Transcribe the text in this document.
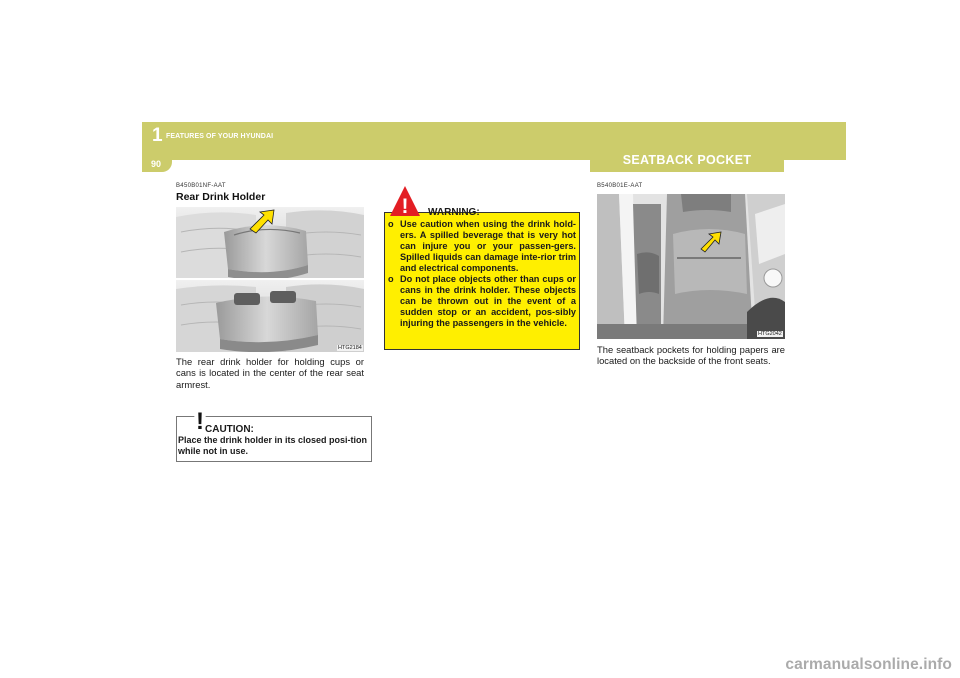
1 FEATURES OF YOUR HYUNDAI
90	SEATBACK POCKET
B450B01NF-AAT
Rear Drink Holder
HTG2184
The rear drink holder for holding cups or cans is located in the center of the rear seat armrest.
! CAUTION:
Place the drink holder in its closed posi-tion while not in use.
! WARNING:
o Use caution when using the drink hold-ers. A spilled beverage that is very hot can injure you or your passen-gers. Spilled liquids can damage inte-rior trim and electrical components.
o Do not place objects other than cups or cans in the drink holder. These objects can be thrown out in the event of a sudden stop or an accident, pos-sibly injuring the passengers in the vehicle.
B540B01E-AAT
HTG2042
The seatback pockets for holding papers are located on the backside of the front seats.
carmanualsonline.info
